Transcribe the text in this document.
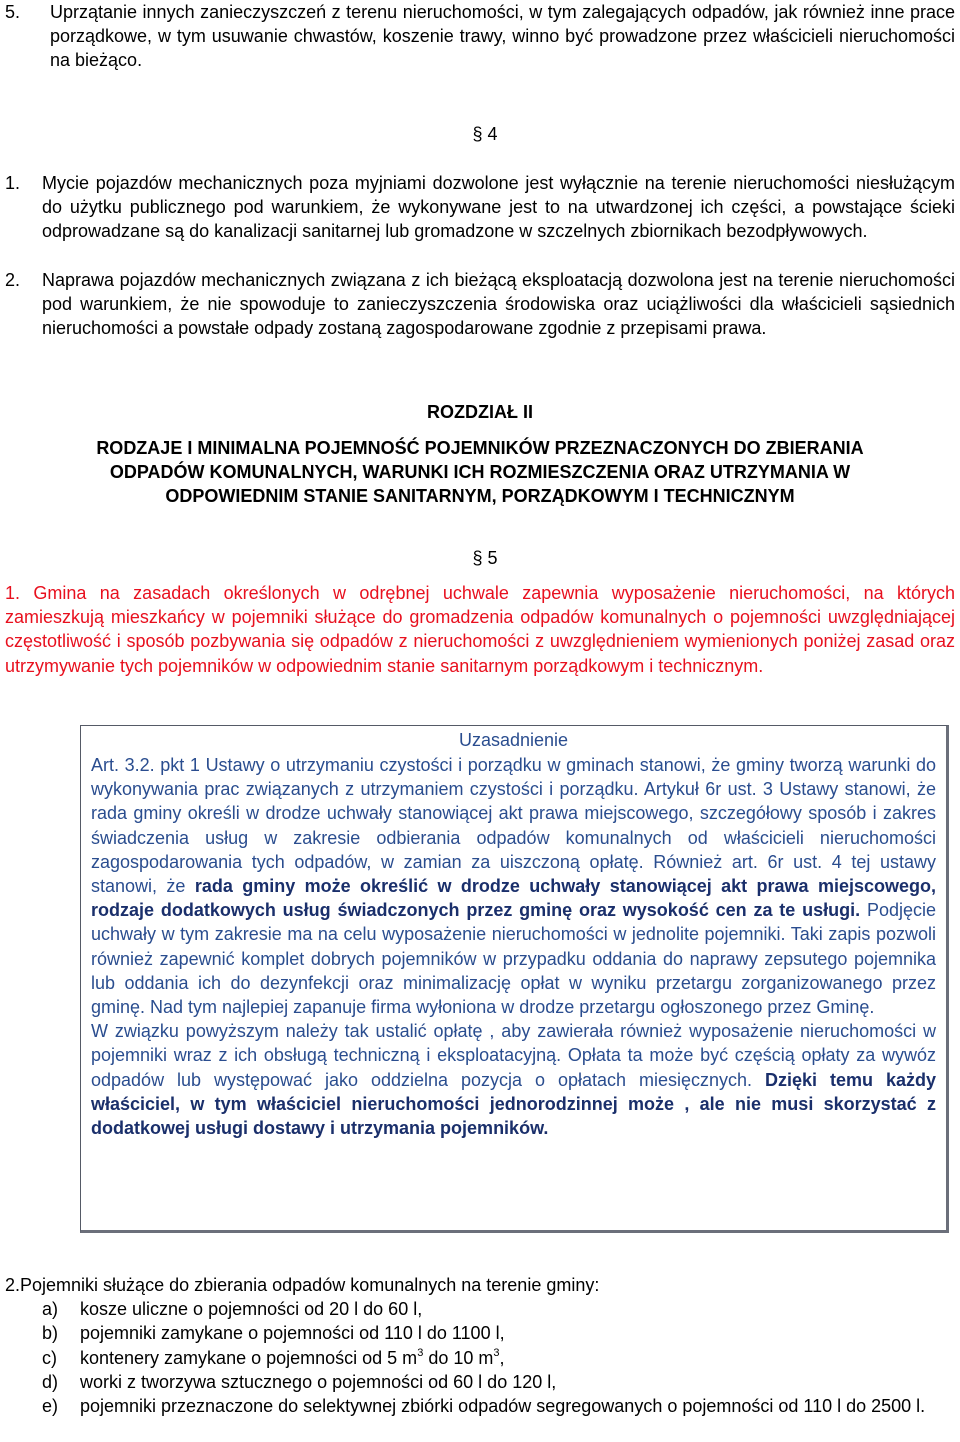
5. Uprzątanie innych zanieczyszczeń z terenu nieruchomości, w tym zalegających odpadów, jak również inne prace porządkowe, w tym usuwanie chwastów, koszenie trawy, winno być prowadzone przez właścicieli nieruchomości na bieżąco.
§ 4
1. Mycie pojazdów mechanicznych poza myjniami dozwolone jest wyłącznie na terenie nieruchomości niesłużącym do użytku publicznego pod warunkiem, że wykonywane jest to na utwardzonej ich części, a powstające ścieki odprowadzane są do kanalizacji sanitarnej lub gromadzone w szczelnych zbiornikach bezodpływowych.
2. Naprawa pojazdów mechanicznych związana z ich bieżącą eksploatacją dozwolona jest na terenie nieruchomości pod warunkiem, że nie spowoduje to zanieczyszczenia środowiska oraz uciążliwości dla właścicieli sąsiednich nieruchomości a powstałe odpady zostaną zagospodarowane zgodnie z przepisami prawa.
ROZDZIAŁ II
RODZAJE I MINIMALNA POJEMNOŚĆ POJEMNIKÓW PRZEZNACZONYCH DO ZBIERANIA
ODPADÓW KOMUNALNYCH, WARUNKI ICH ROZMIESZCZENIA ORAZ UTRZYMANIA W
ODPOWIEDNIM STANIE SANITARNYM, PORZĄDKOWYM I TECHNICZNYM
§ 5
1. Gmina na zasadach określonych w odrębnej uchwale zapewnia wyposażenie nieruchomości, na których zamieszkują mieszkańcy w pojemniki służące do gromadzenia odpadów komunalnych o pojemności uwzględniającej częstotliwość i sposób pozbywania się odpadów z nieruchomości z uwzględnieniem wymienionych poniżej zasad oraz utrzymywanie tych pojemników w odpowiednim stanie sanitarnym porządkowym i technicznym.
Uzasadnienie
Art. 3.2. pkt 1 Ustawy o utrzymaniu czystości i porządku w gminach stanowi, że gminy tworzą warunki do wykonywania prac związanych z utrzymaniem czystości i porządku. Artykuł 6r ust. 3 Ustawy stanowi, że rada gminy określi w drodze uchwały stanowiącej akt prawa miejscowego, szczegółowy sposób i zakres świadczenia usług w zakresie odbierania odpadów komunalnych od właścicieli nieruchomości zagospodarowania tych odpadów, w zamian za uiszczoną opłatę. Również art. 6r ust. 4 tej ustawy stanowi, że rada gminy może określić w drodze uchwały stanowiącej akt prawa miejscowego, rodzaje dodatkowych usług świadczonych przez gminę oraz wysokość cen za te usługi. Podjęcie uchwały w tym zakresie ma na celu wyposażenie nieruchomości w jednolite pojemniki. Taki zapis pozwoli również zapewnić komplet dobrych pojemników w przypadku oddania do naprawy zepsutego pojemnika lub oddania ich do dezynfekcji oraz minimalizację opłat w wyniku przetargu zorganizowanego przez gminę. Nad tym najlepiej zapanuje firma wyłoniona w drodze przetargu ogłoszonego przez Gminę.
W związku powyższym należy tak ustalić opłatę , aby zawierała również wyposażenie nieruchomości w pojemniki wraz z ich obsługą techniczną i eksploatacyjną. Opłata ta może być częścią opłaty za wywóz odpadów lub występować jako oddzielna pozycja o opłatach miesięcznych. Dzięki temu każdy właściciel, w tym właściciel nieruchomości jednorodzinnej może , ale nie musi skorzystać z dodatkowej usługi dostawy i utrzymania pojemników.
2.Pojemniki służące do zbierania odpadów komunalnych na terenie gminy:
a) kosze uliczne o pojemności od 20 l do 60 l,
b) pojemniki zamykane o pojemności od 110 l do 1100 l,
c) kontenery zamykane o pojemności od 5 $m^3$ do 10 $m^3$,
d) worki z tworzywa sztucznego o pojemności od 60 l do 120 l,
e) pojemniki przeznaczone do selektywnej zbiórki odpadów segregowanych o pojemności od 110 l do 2500 l.
